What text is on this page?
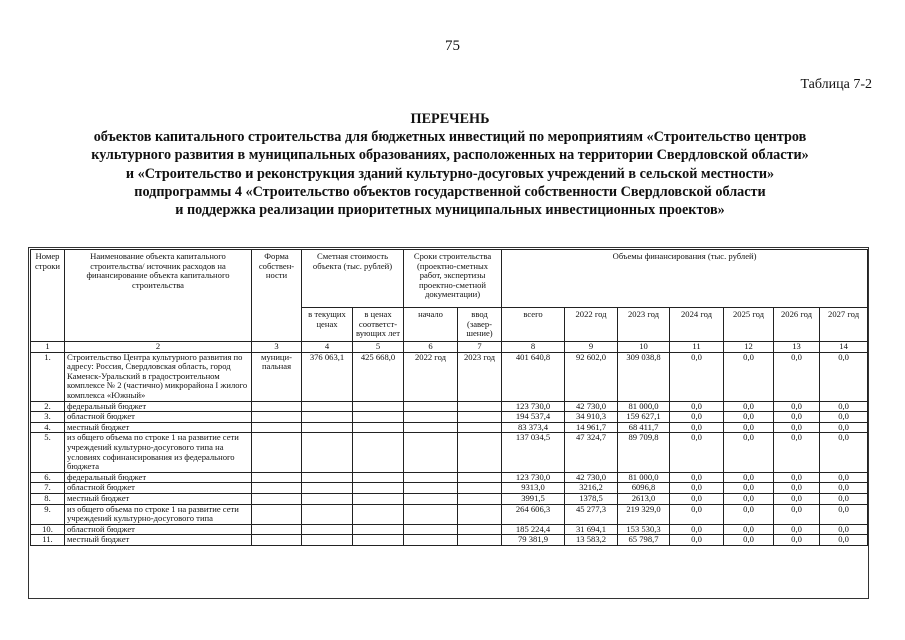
75
Таблица 7-2
ПЕРЕЧЕНЬ
объектов капитального строительства для бюджетных инвестиций по мероприятиям «Строительство центров
культурного развития в муниципальных образованиях, расположенных на территории Свердловской области»
и «Строительство и реконструкция зданий культурно-досуговых учреждений в сельской местности»
подпрограммы 4 «Строительство объектов государственной собственности Свердловской области
и поддержка реализации приоритетных муниципальных инвестиционных проектов»
Номер строки	Наименование объекта капитального строительства/ источник расходов на финансирование объекта капитального строительства	Форма собствен-ности	Сметная стоимость объекта (тыс. рублей)		Сроки строительства (проектно-сметных работ, экспертизы проектно-сметной документации)		Объемы финансирования (тыс. рублей)						
			в текущих ценах	в ценах соответст-вующих лет	начало	ввод (завер-шение)	всего	2022 год	2023 год	2024 год	2025 год	2026 год	2027 год
1	2	3	4	5	6	7	8	9	10	11	12	13	14
1.	Строительство Центра культурного развития по адресу: Россия, Свердловская область, город Каменск-Уральский в градостроительном комплексе № 2 (частично) микрорайона I жилого комплекса «Южный»	муници-пальная	376 063,1	425 668,0	2022 год	2023 год	401 640,8	92 602,0	309 038,8	0,0	0,0	0,0	0,0
2.	федеральный бюджет						123 730,0	42 730,0	81 000,0	0,0	0,0	0,0	0,0
3.	областной бюджет						194 537,4	34 910,3	159 627,1	0,0	0,0	0,0	0,0
4.	местный бюджет						83 373,4	14 961,7	68 411,7	0,0	0,0	0,0	0,0
5.	из общего объема по строке 1 на развитие сети учреждений культурно-досугового типа на условиях софинансирования из федерального бюджета						137 034,5	47 324,7	89 709,8	0,0	0,0	0,0	0,0
6.	федеральный бюджет						123 730,0	42 730,0	81 000,0	0,0	0,0	0,0	0,0
7.	областной бюджет						9313,0	3216,2	6096,8	0,0	0,0	0,0	0,0
8.	местный бюджет						3991,5	1378,5	2613,0	0,0	0,0	0,0	0,0
9.	из общего объема по строке 1 на развитие сети учреждений культурно-досугового типа						264 606,3	45 277,3	219 329,0	0,0	0,0	0,0	0,0
10.	областной бюджет						185 224,4	31 694,1	153 530,3	0,0	0,0	0,0	0,0
11.	местный бюджет						79 381,9	13 583,2	65 798,7	0,0	0,0	0,0	0,0
